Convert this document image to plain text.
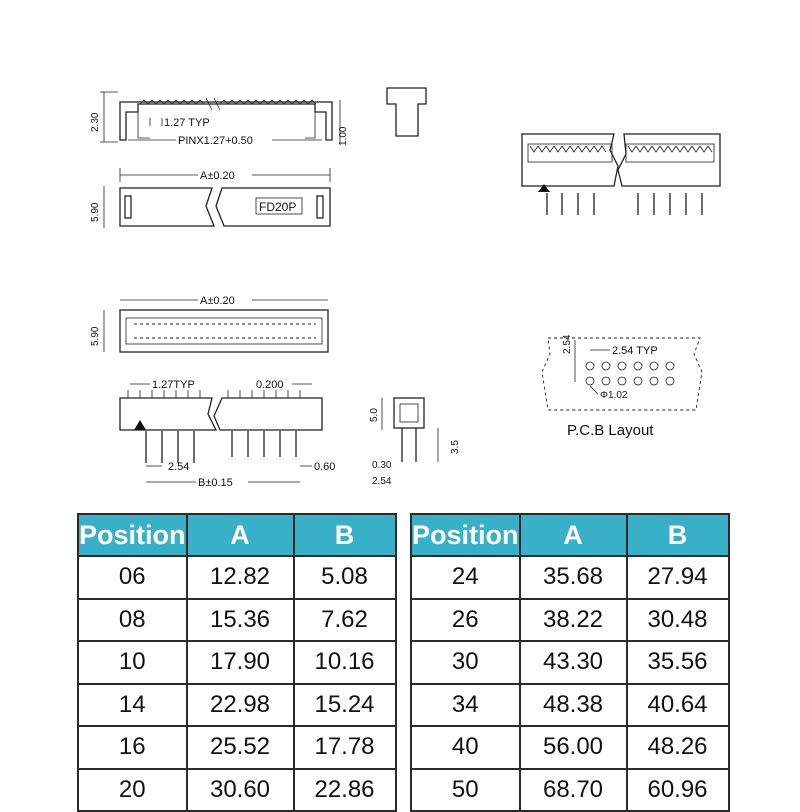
2.30	1.27 TYP
PINX1.27+0.50	1.00
A±0.20
FD20P
5.90
A±0.20
5.90
1.27TYP	0.200
2.54	0.60
B±0.15
5.0
3.5
0.30
2.54
2.54	2.54 TYP
Φ1.02
P.C.B Layout
Position	A	B
06	12.82	5.08
08	15.36	7.62
10	17.90	10.16
14	22.98	15.24
16	25.52	17.78
20	30.60	22.86
Position	A	B
24	35.68	27.94
26	38.22	30.48
30	43.30	35.56
34	48.38	40.64
40	56.00	48.26
50	68.70	60.96
